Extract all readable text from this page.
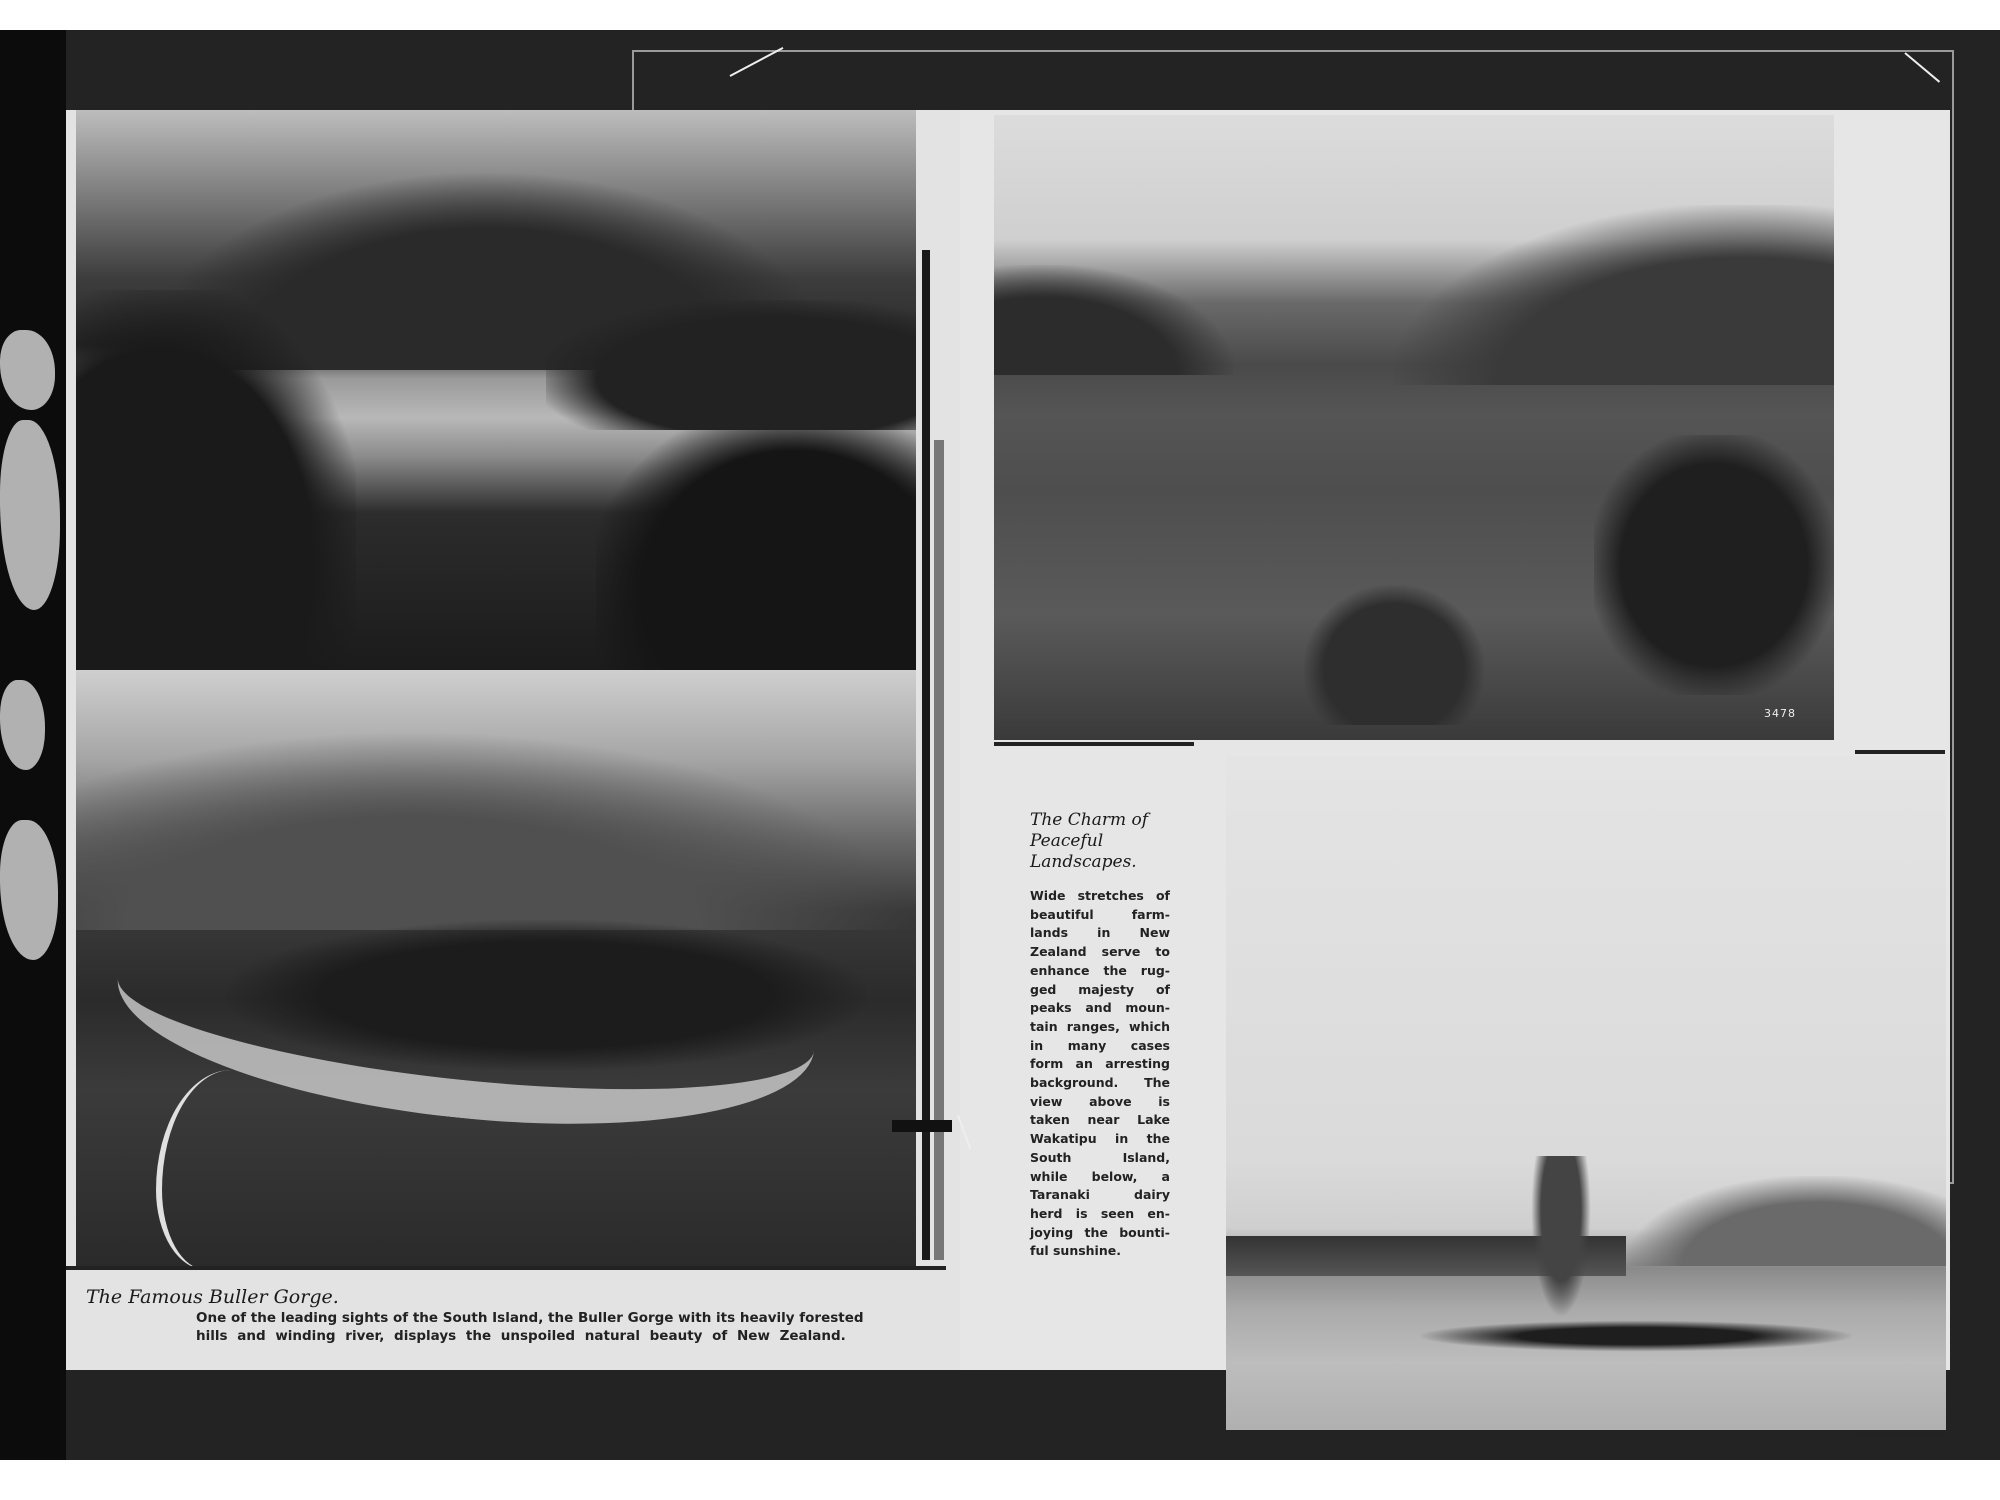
The Famous Buller Gorge.
One of the leading sights of the South Island, the Buller Gorge with its heavily forested
hills and winding river, displays the unspoiled natural beauty of New Zealand.
3478
The Charm of
Peaceful
Landscapes.
Wide stretches of
beautiful farm-
lands in New
Zealand serve to
enhance the rug-
ged majesty of
peaks and moun-
tain ranges, which
in many cases
form an arresting
background. The
view above is
taken near Lake
Wakatipu in the
South Island,
while below, a
Taranaki dairy
herd is seen en-
joying the bounti-
ful sunshine.
